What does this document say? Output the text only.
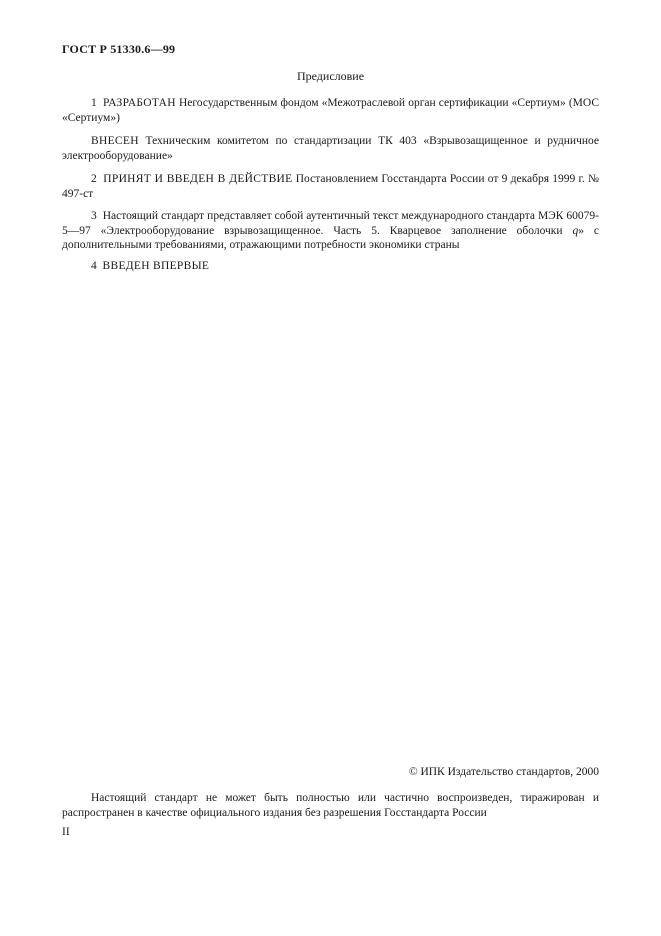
ГОСТ Р 51330.6—99
Предисловие

1 РАЗРАБОТАН Негосударственным фондом «Межотраслевой орган сертификации «Сертиум» (МОС «Сертиум»)

ВНЕСЕН Техническим комитетом по стандартизации ТК 403 «Взрывозащищенное и рудничное электрооборудование»

2 ПРИНЯТ И ВВЕДЕН В ДЕЙСТВИЕ Постановлением Госстандарта России от 9 декабря 1999 г. № 497-ст

3 Настоящий стандарт представляет собой аутентичный текст международного стандарта МЭК 60079-5—97 «Электрооборудование взрывозащищенное. Часть 5. Кварцевое заполнение оболочки q» с дополнительными требованиями, отражающими потребности экономики страны

4 ВВЕДЕН ВПЕРВЫЕ

© ИПК Издательство стандартов, 2000

Настоящий стандарт не может быть полностью или частично воспроизведен, тиражирован и распространен в качестве официального издания без разрешения Госстандарта России

II
